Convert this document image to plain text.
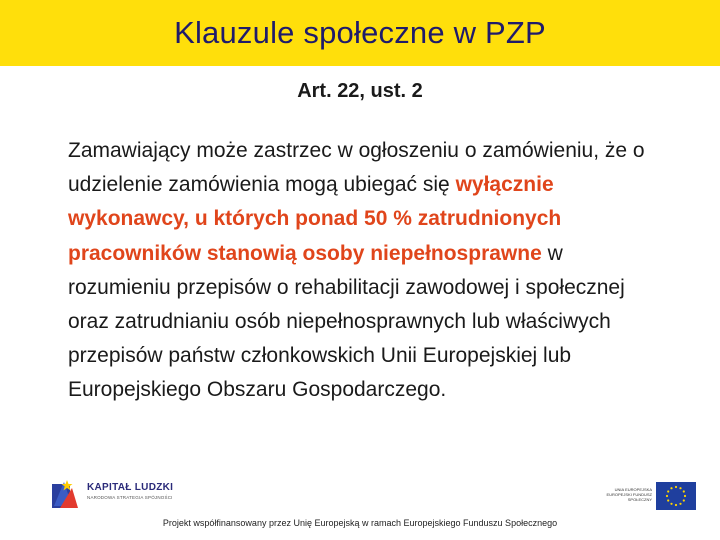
Klauzule społeczne w PZP
Art. 22, ust. 2
Zamawiający może zastrzec w ogłoszeniu o zamówieniu, że o udzielenie zamówienia mogą ubiegać się wyłącznie wykonawcy, u których ponad 50 % zatrudnionych pracowników stanowią osoby niepełnosprawne w rozumieniu przepisów o rehabilitacji zawodowej i społecznej oraz zatrudnianiu osób niepełnosprawnych lub właściwych przepisów państw członkowskich Unii Europejskiej lub Europejskiego Obszaru Gospodarczego.
KAPITAŁ LUDZKI
NARODOWA STRATEGIA SPÓJNOŚCI
UNIA EUROPEJSKA EUROPEJSKI FUNDUSZ SPOŁECZNY
Projekt współfinansowany przez Unię Europejską w ramach Europejskiego Funduszu Społecznego
